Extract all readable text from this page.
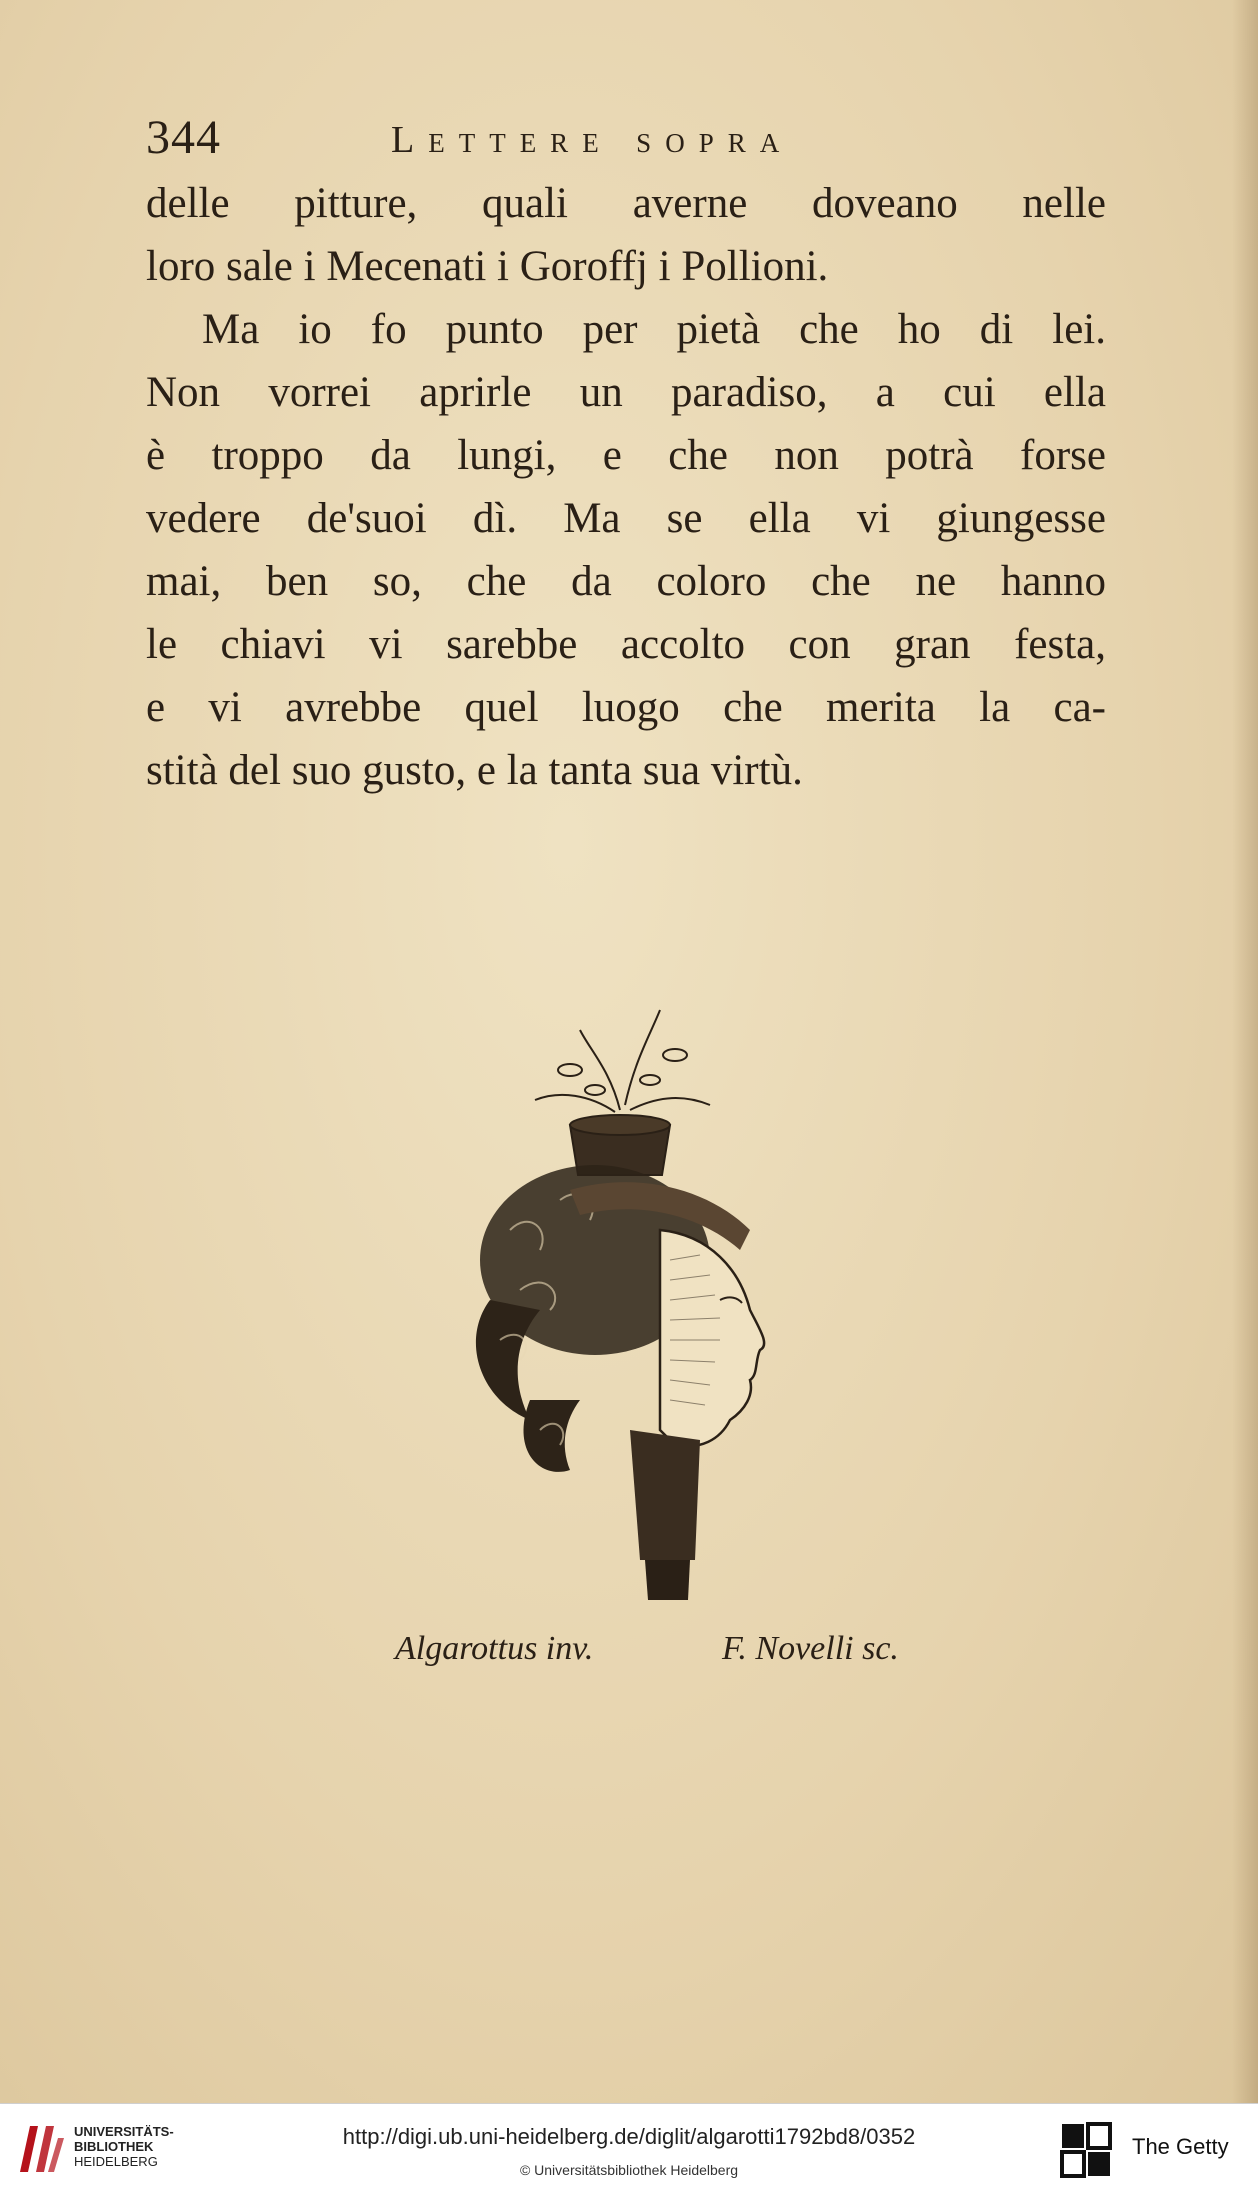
344	Lettere sopra
delle pitture, quali averne doveano nelle
loro sale i Mecenati i Goroffj i Pollioni.
Ma io fo punto per pietà che ho di lei.
Non vorrei aprirle un paradiso, a cui ella
è troppo da lungi, e che non potrà forse
vedere de'suoi dì. Ma se ella vi giungesse
mai, ben so, che da coloro che ne hanno
le chiavi vi sarebbe accolto con gran festa,
e vi avrebbe quel luogo che merita la ca-
stità del suo gusto, e la tanta sua virtù.
Algarottus inv.	F. Novelli sc.
UNIVERSITÄTS-
BIBLIOTHEK
HEIDELBERG
http://digi.ub.uni-heidelberg.de/diglit/algarotti1792bd8/0352
© Universitätsbibliothek Heidelberg
The Getty
